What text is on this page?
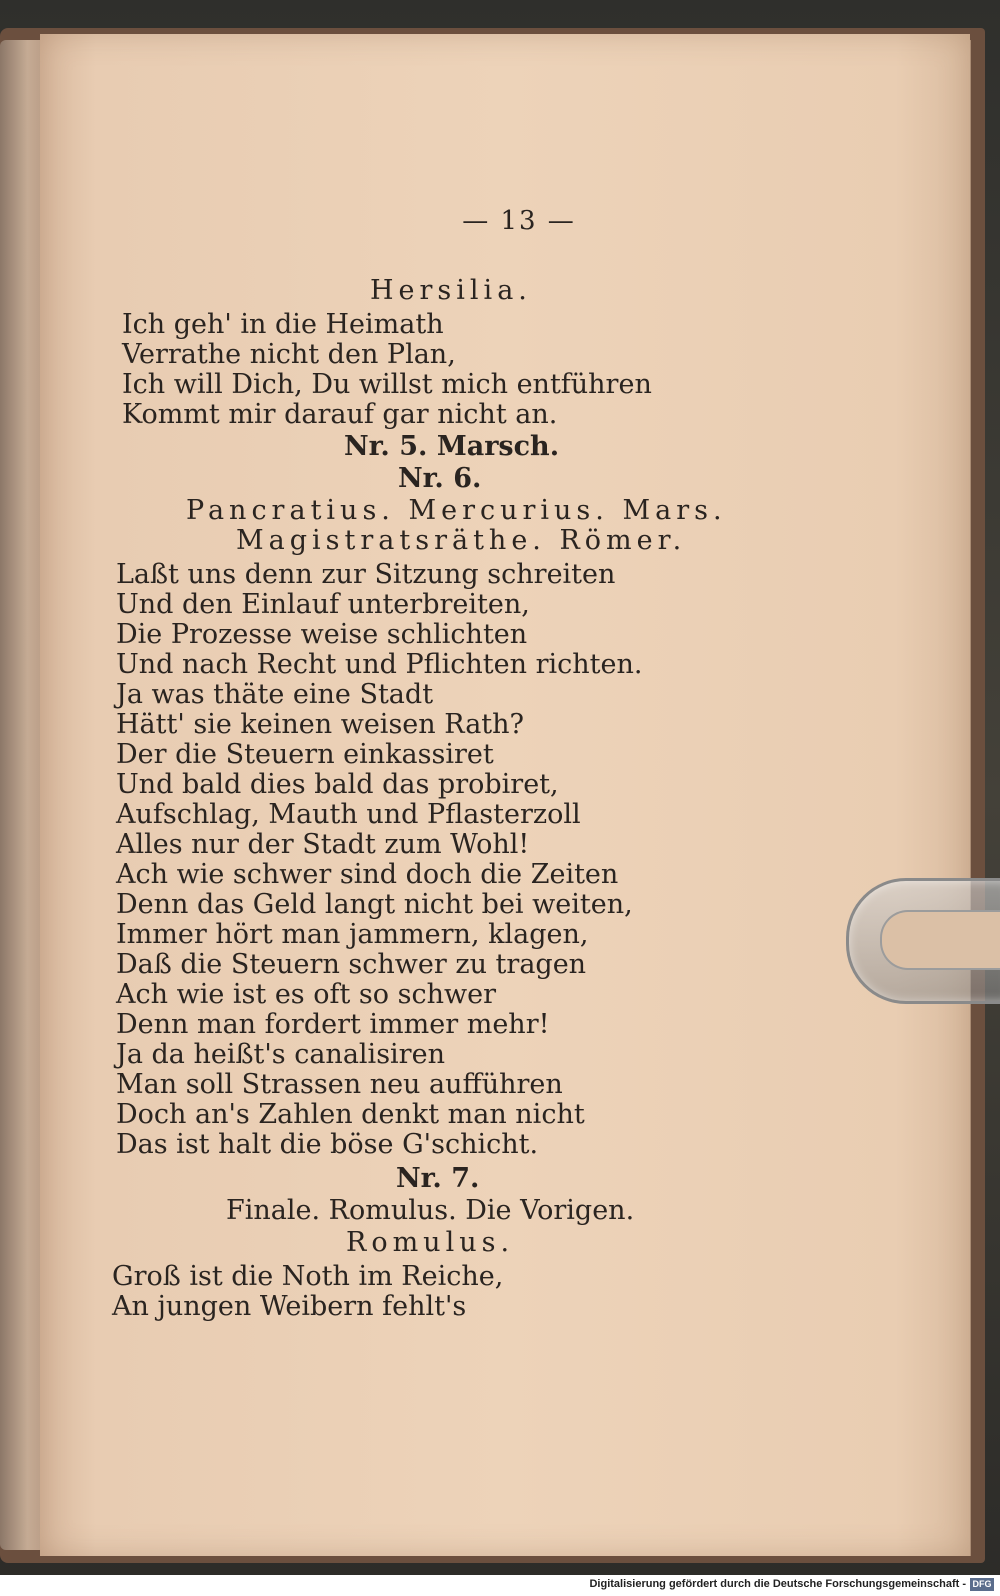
— 13 —
Hersilia.
Ich geh' in die Heimath
Verrathe nicht den Plan,
Ich will Dich, Du willst mich entführen
Kommt mir darauf gar nicht an.
Nr. 5. Marsch.
Nr. 6.
Pancratius. Mercurius. Mars.
Magistratsräthe. Römer.
Laßt uns denn zur Sitzung schreiten
Und den Einlauf unterbreiten,
Die Prozesse weise schlichten
Und nach Recht und Pflichten richten.
Ja was thäte eine Stadt
Hätt' sie keinen weisen Rath?
Der die Steuern einkassiret
Und bald dies bald das probiret,
Aufschlag, Mauth und Pflasterzoll
Alles nur der Stadt zum Wohl!
Ach wie schwer sind doch die Zeiten
Denn das Geld langt nicht bei weiten,
Immer hört man jammern, klagen,
Daß die Steuern schwer zu tragen
Ach wie ist es oft so schwer
Denn man fordert immer mehr!
Ja da heißt's canalisiren
Man soll Strassen neu aufführen
Doch an's Zahlen denkt man nicht
Das ist halt die böse G'schicht.
Nr. 7.
Finale. Romulus. Die Vorigen.
Romulus.
Groß ist die Noth im Reiche,
An jungen Weibern fehlt's
Digitalisierung gefördert durch die Deutsche Forschungsgemeinschaft - DFG
